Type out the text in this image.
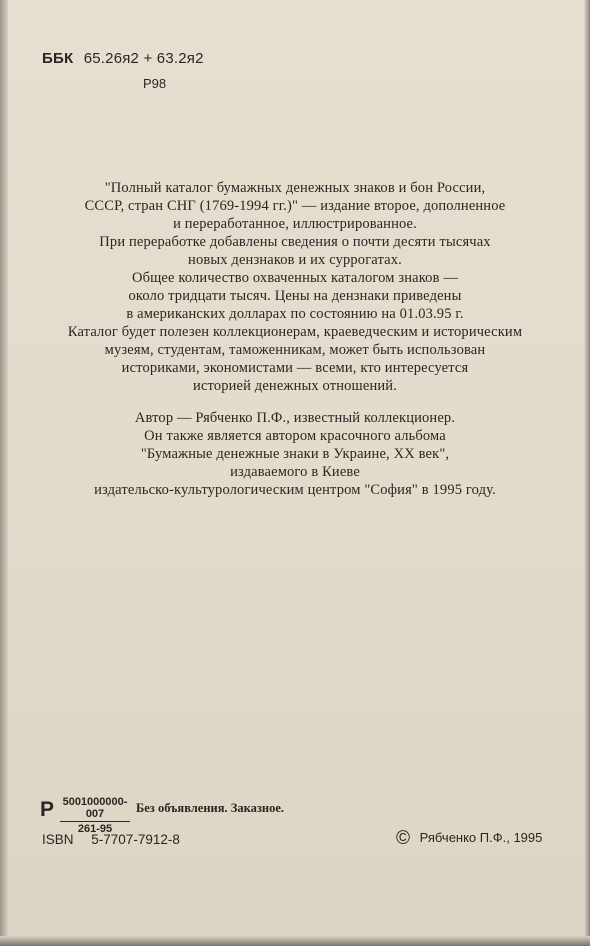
ББК 65.26я2 + 63.2я2
Р98
"Полный каталог бумажных денежных знаков и бон России,
СССР, стран СНГ (1769-1994 гг.)" — издание второе, дополненное
и переработанное, иллюстрированное.
При переработке добавлены сведения о почти десяти тысячах
новых дензнаков и их суррогатах.
Общее количество охваченных каталогом знаков —
около тридцати тысяч. Цены на дензнаки приведены
в американских долларах по состоянию на 01.03.95 г.
Каталог будет полезен коллекционерам, краеведческим и историческим
музеям, студентам, таможенникам, может быть использован
историками, экономистами — всеми, кто интересуется
историей денежных отношений.
Автор — Рябченко П.Ф., известный коллекционер.
Он также является автором красочного альбома
"Бумажные денежные знаки в Украине, XX век",
издаваемого в Киеве
издательско-культурологическим центром "София" в 1995 году.
Р $\frac{5001000000-007}{261-95}$ Без объявления. Заказное.
ISBN 5-7707-7912-8	© Рябченко П.Ф., 1995
